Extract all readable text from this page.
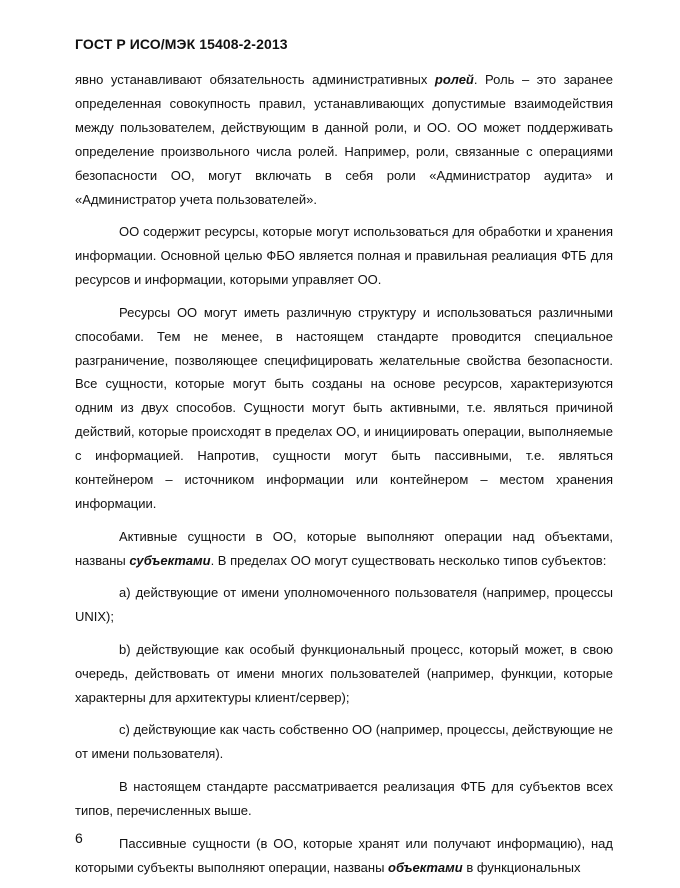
ГОСТ Р ИСО/МЭК 15408-2-2013

явно устанавливают обязательность административных ролей. Роль – это заранее определенная совокупность правил, устанавливающих допустимые взаимодействия между пользователем, действующим в данной роли, и ОО. ОО может поддерживать определение произвольного числа ролей. Например, роли, связанные с операциями безопасности ОО, могут включать в себя роли «Администратор аудита» и «Администратор учета пользователей».

ОО содержит ресурсы, которые могут использоваться для обработки и хранения информации. Основной целью ФБО является полная и правильная реалиация ФТБ для ресурсов и информации, которыми управляет ОО.

Ресурсы ОО могут иметь различную структуру и использоваться различными способами. Тем не менее, в настоящем стандарте проводится специальное разграничение, позволяющее специфицировать желательные свойства безопасности. Все сущности, которые могут быть созданы на основе ресурсов, характеризуются одним из двух способов. Сущности могут быть активными, т.е. являться причиной действий, которые происходят в пределах ОО, и инициировать операции, выполняемые с информацией. Напротив, сущности могут быть пассивными, т.е. являться контейнером – источником информации или контейнером – местом хранения информации.

Активные сущности в ОО, которые выполняют операции над объектами, названы субъектами. В пределах ОО могут существовать несколько типов субъектов:

а) действующие от имени уполномоченного пользователя (например, процессы UNIX);

b) действующие как особый функциональный процесс, который может, в свою очередь, действовать от имени многих пользователей (например, функции, которые характерны для архитектуры клиент/сервер);

c) действующие как часть собственно ОО (например, процессы, действующие не от имени пользователя).

В настоящем стандарте рассматривается реализация ФТБ для субъектов всех типов, перечисленных выше.

Пассивные сущности (в ОО, которые хранят или получают информацию), над которыми субъекты выполняют операции, названы объектами в функциональных

6
